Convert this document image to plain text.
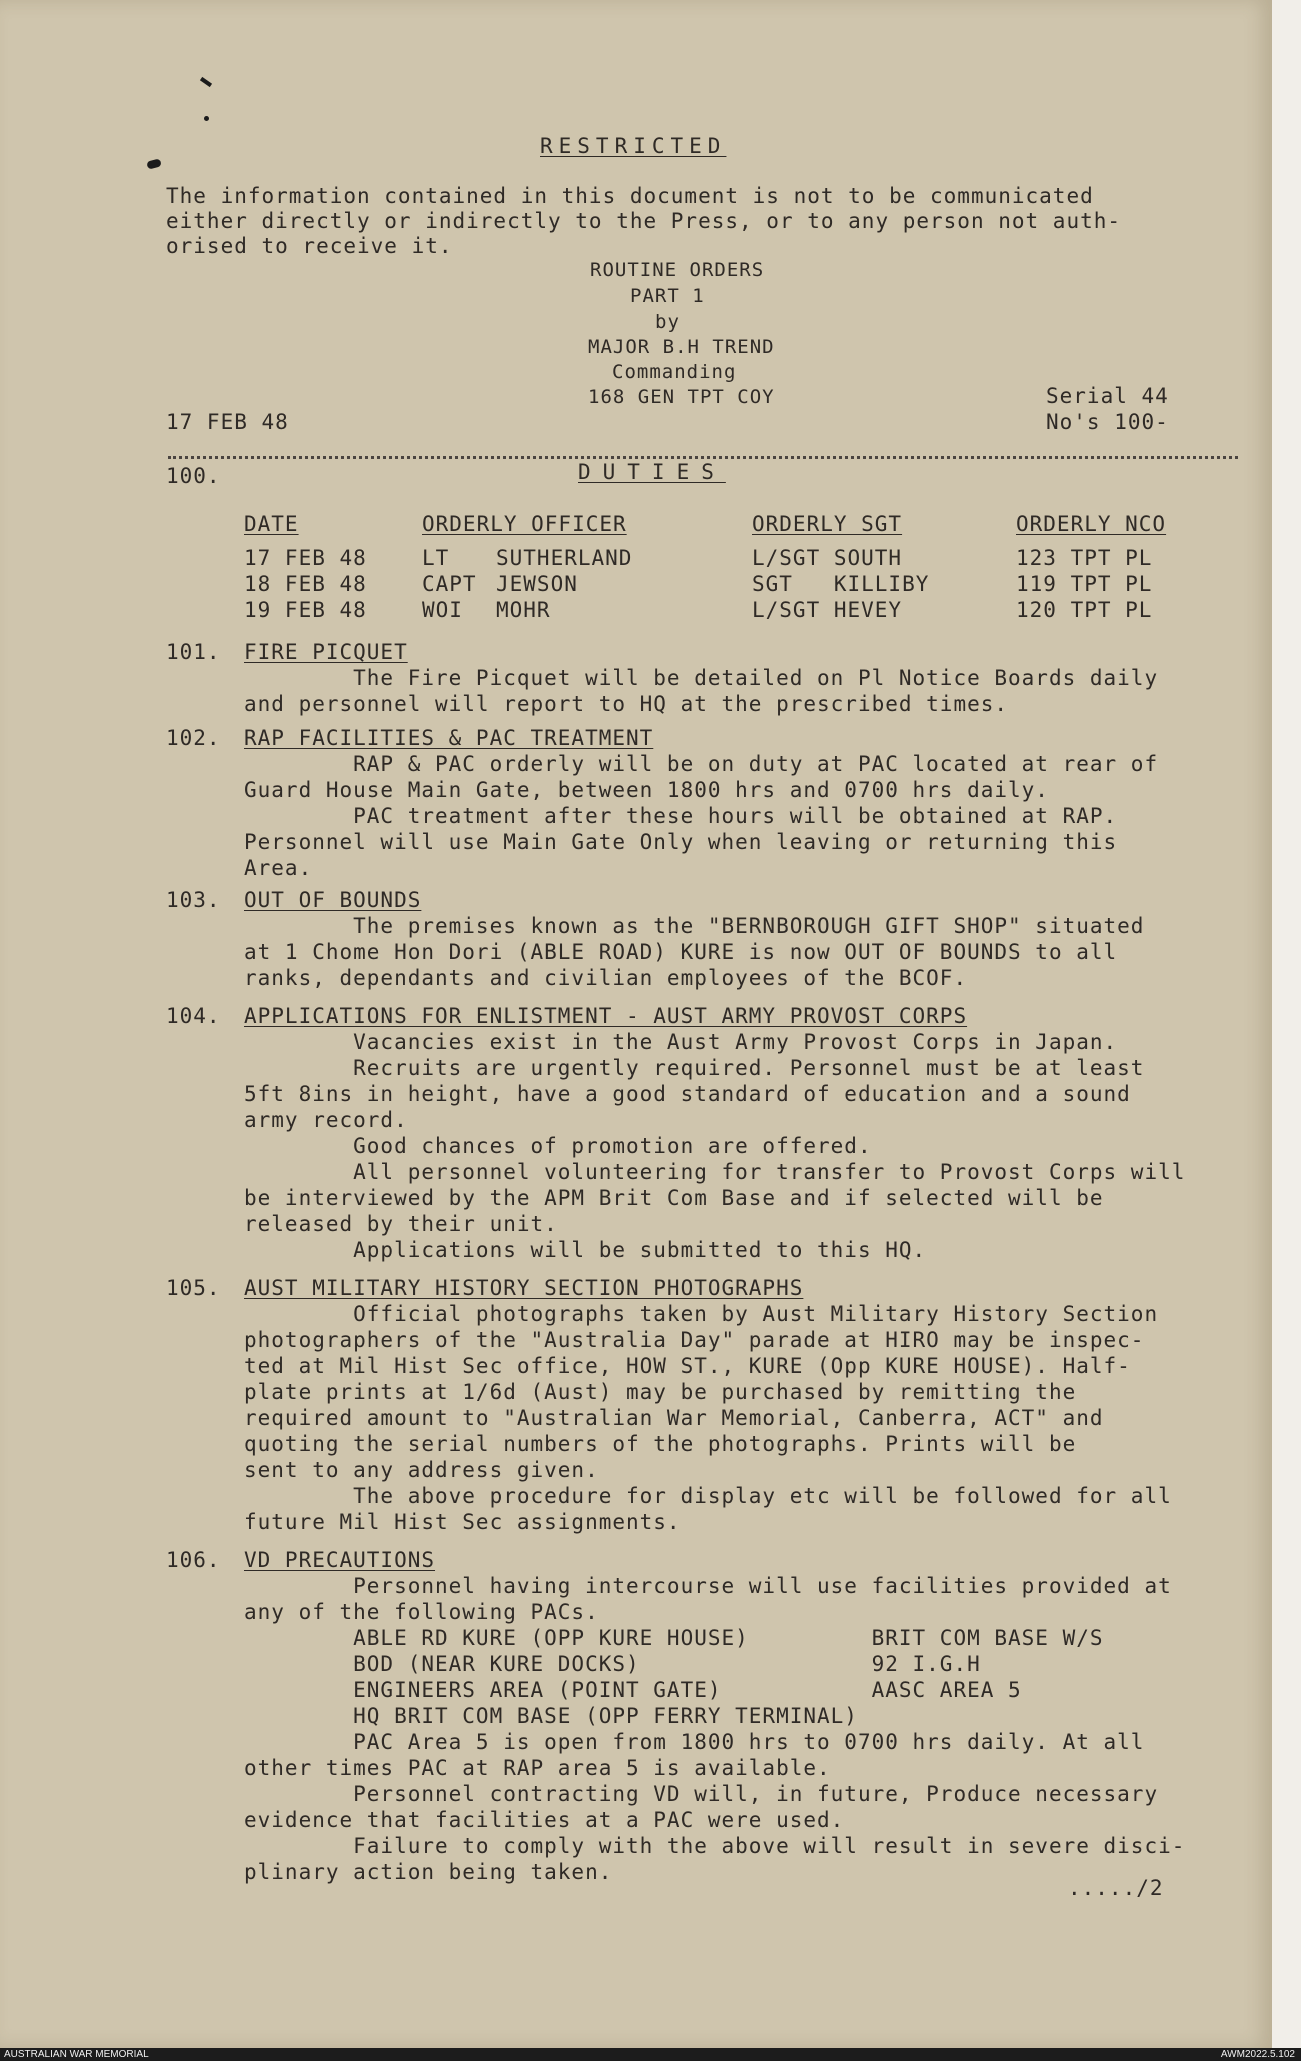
RESTRICTED
The information contained in this document is not to be communicated
either directly or indirectly to the Press, or to any person not auth-
orised to receive it.
ROUTINE ORDERS
PART 1
by
MAJOR B.H TREND
Commanding
168 GEN TPT COY
17 FEB 48
Serial 44
No's 100-
100.	DUTIES
DATE	ORDERLY OFFICER	ORDERLY SGT	ORDERLY NCO
17 FEB 48	LT SUTHERLAND	L/SGT SOUTH	123 TPT PL
18 FEB 48	CAPT JEWSON	SGT   KILLIBY	119 TPT PL
19 FEB 48	WOI MOHR	L/SGT HEVEY	120 TPT PL
101. FIRE PICQUET
The Fire Picquet will be detailed on Pl Notice Boards daily
and personnel will report to HQ at the prescribed times.
102. RAP FACILITIES & PAC TREATMENT
RAP & PAC orderly will be on duty at PAC located at rear of
Guard House Main Gate, between 1800 hrs and 0700 hrs daily.
PAC treatment after these hours will be obtained at RAP.
Personnel will use Main Gate Only when leaving or returning this
Area.
103. OUT OF BOUNDS
The premises known as the "BERNBOROUGH GIFT SHOP" situated
at 1 Chome Hon Dori (ABLE ROAD) KURE is now OUT OF BOUNDS to all
ranks, dependants and civilian employees of the BCOF.
104. APPLICATIONS FOR ENLISTMENT - AUST ARMY PROVOST CORPS
Vacancies exist in the Aust Army Provost Corps in Japan.
Recruits are urgently required. Personnel must be at least
5ft 8ins in height, have a good standard of education and a sound
army record.
Good chances of promotion are offered.
All personnel volunteering for transfer to Provost Corps will
be interviewed by the APM Brit Com Base and if selected will be
released by their unit.
Applications will be submitted to this HQ.
105. AUST MILITARY HISTORY SECTION PHOTOGRAPHS
Official photographs taken by Aust Military History Section
photographers of the "Australia Day" parade at HIRO may be inspec-
ted at Mil Hist Sec office, HOW ST., KURE (Opp KURE HOUSE). Half-
plate prints at 1/6d (Aust) may be purchased by remitting the
required amount to "Australian War Memorial, Canberra, ACT" and
quoting the serial numbers of the photographs. Prints will be
sent to any address given.
The above procedure for display etc will be followed for all
future Mil Hist Sec assignments.
106. VD PRECAUTIONS
Personnel having intercourse will use facilities provided at
any of the following PACs.
ABLE RD KURE (OPP KURE HOUSE)         BRIT COM BASE W/S
BOD (NEAR KURE DOCKS)                 92 I.G.H
ENGINEERS AREA (POINT GATE)           AASC AREA 5
HQ BRIT COM BASE (OPP FERRY TERMINAL)
PAC Area 5 is open from 1800 hrs to 0700 hrs daily. At all
other times PAC at RAP area 5 is available.
Personnel contracting VD will, in future, Produce necessary
evidence that facilities at a PAC were used.
Failure to comply with the above will result in severe disci-
plinary action being taken.
...../2
AUSTRALIAN WAR MEMORIAL	AWM2022.5.102
